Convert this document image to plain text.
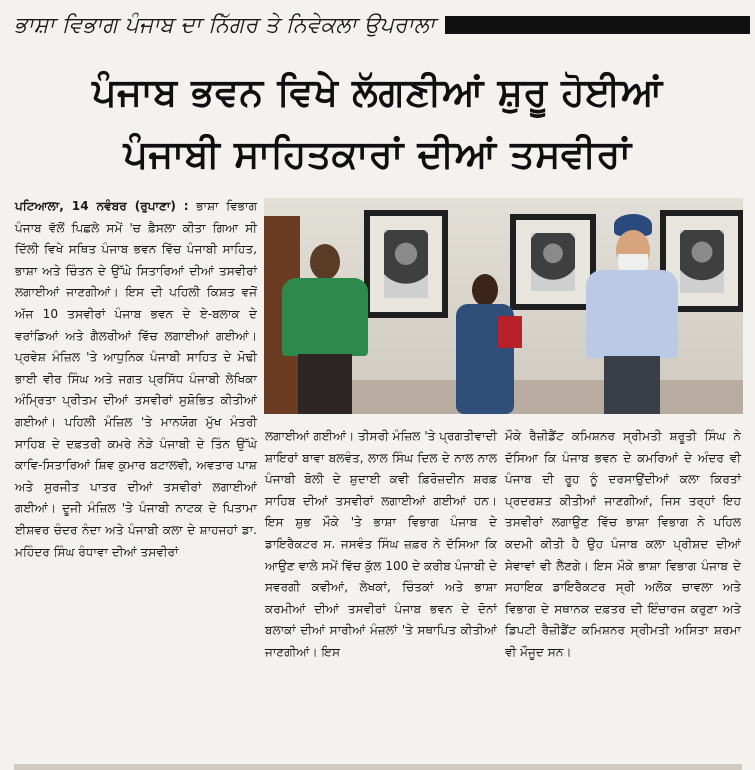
ਭਾਸ਼ਾ ਵਿਭਾਗ ਪੰਜਾਬ ਦਾ ਨਿੱਗਰ ਤੇ ਨਿਵੇਕਲਾ ਉਪਰਾਲਾ
ਪੰਜਾਬ ਭਵਨ ਵਿਖੇ ਲੱਗਣੀਆਂ ਸ਼ੁਰੂ ਹੋਈਆਂ
ਪੰਜਾਬੀ ਸਾਹਿਤਕਾਰਾਂ ਦੀਆਂ ਤਸਵੀਰਾਂ
ਪਟਿਆਲਾ, 14 ਨਵੰਬਰ (ਰੁਪਾਣਾ) : ਭਾਸ਼ਾ ਵਿਭਾਗ ਪੰਜਾਬ ਵੱਲੋਂ ਪਿਛਲੇ ਸਮੇਂ 'ਚ ਫ਼ੈਸਲਾ ਕੀਤਾ ਗਿਆ ਸੀ ਦਿੱਲੀ ਵਿਖੇ ਸਥਿਤ ਪੰਜਾਬ ਭਵਨ ਵਿੱਚ ਪੰਜਾਬੀ ਸਾਹਿਤ, ਭਾਸ਼ਾ ਅਤੇ ਚਿੰਤਨ ਦੇ ਉੱਘੇ ਸਿਤਾਰਿਆਂ ਦੀਆਂ ਤਸਵੀਰਾਂ ਲਗਾਈਆਂ ਜਾਣਗੀਆਂ। ਇਸ ਦੀ ਪਹਿਲੀ ਕਿਸ਼ਤ ਵਜੋਂ ਅੱਜ 10 ਤਸਵੀਰਾਂ ਪੰਜਾਬ ਭਵਨ ਦੇ ਏ-ਬਲਾਕ ਦੇ ਵਰਾਂਡਿਆਂ ਅਤੇ ਗੈਲਰੀਆਂ ਵਿੱਚ ਲਗਾਈਆਂ ਗਈਆਂ। ਪ੍ਰਵੇਸ਼ ਮੰਜ਼ਿਲ 'ਤੇ ਆਧੁਨਿਕ ਪੰਜਾਬੀ ਸਾਹਿਤ ਦੇ ਮੋਢੀ ਭਾਈ ਵੀਰ ਸਿੰਘ ਅਤੇ ਜਗਤ ਪ੍ਰਸਿੱਧ ਪੰਜਾਬੀ ਲੇਖਿਕਾ ਅੰਮ੍ਰਿਤਾ ਪ੍ਰੀਤਮ ਦੀਆਂ ਤਸਵੀਰਾਂ ਸੁਸ਼ੋਭਿਤ ਕੀਤੀਆਂ ਗਈਆਂ। ਪਹਿਲੀ ਮੰਜ਼ਿਲ 'ਤੇ ਮਾਨਯੋਗ ਮੁੱਖ ਮੰਤਰੀ ਸਾਹਿਬ ਦੇ ਦਫ਼ਤਰੀ ਕਮਰੇ ਨੇੜੇ ਪੰਜਾਬੀ ਦੇ ਤਿੰਨ ਉੱਘੇ ਕਾਵਿ-ਸਿਤਾਰਿਆਂ ਸ਼ਿਵ ਕੁਮਾਰ ਬਟਾਲਵੀ, ਅਵਤਾਰ ਪਾਸ਼ ਅਤੇ ਸੁਰਜੀਤ ਪਾਤਰ ਦੀਆਂ ਤਸਵੀਰਾਂ ਲਗਾਈਆਂ ਗਈਆਂ। ਦੂਜੀ ਮੰਜ਼ਿਲ 'ਤੇ ਪੰਜਾਬੀ ਨਾਟਕ ਦੇ ਪਿਤਾਮਾ ਈਸ਼ਵਰ ਚੰਦਰ ਨੰਦਾ ਅਤੇ ਪੰਜਾਬੀ ਕਲਾ ਦੇ ਸ਼ਾਹਜਹਾਂ ਡਾ. ਮਹਿੰਦਰ ਸਿੰਘ ਰੰਧਾਵਾ ਦੀਆਂ ਤਸਵੀਰਾਂ
ਲਗਾਈਆਂ ਗਈਆਂ। ਤੀਸਰੀ ਮੰਜ਼ਿਲ 'ਤੇ ਪ੍ਰਗਤੀਵਾਦੀ ਸ਼ਾਇਰਾਂ ਬਾਵਾ ਬਲਵੰਤ, ਲਾਲ ਸਿੰਘ ਦਿਲ ਦੇ ਨਾਲ ਨਾਲ ਪੰਜਾਬੀ ਬੋਲੀ ਦੇ ਸ਼ੁਦਾਈ ਕਵੀ ਫ਼ਿਰੋਜ਼ਦੀਨ ਸ਼ਰਫ਼ ਸਾਹਿਬ ਦੀਆਂ ਤਸਵੀਰਾਂ ਲਗਾਈਆਂ ਗਈਆਂ ਹਨ। ਇਸ ਸ਼ੁਭ ਮੌਕੇ 'ਤੇ ਭਾਸ਼ਾ ਵਿਭਾਗ ਪੰਜਾਬ ਦੇ ਡਾਇਰੈਕਟਰ ਸ. ਜਸਵੰਤ ਸਿੰਘ ਜ਼ਫ਼ਰ ਨੇ ਦੱਸਿਆ ਕਿ ਆਉਣ ਵਾਲੇ ਸਮੇਂ ਵਿੱਚ ਕੁੱਲ 100 ਦੇ ਕਰੀਬ ਪੰਜਾਬੀ ਦੇ ਸਵਰਗੀ ਕਵੀਆਂ, ਲੇਖਕਾਂ, ਚਿੰਤਕਾਂ ਅਤੇ ਭਾਸ਼ਾ ਕਰਮੀਆਂ ਦੀਆਂ ਤਸਵੀਰਾਂ ਪੰਜਾਬ ਭਵਨ ਦੇ ਦੋਨਾਂ ਬਲਾਕਾਂ ਦੀਆਂ ਸਾਰੀਆਂ ਮੰਜ਼ਲਾਂ 'ਤੇ ਸਥਾਪਿਤ ਕੀਤੀਆਂ ਜਾਣਗੀਆਂ। ਇਸ
ਮੌਕੇ ਰੈਜ਼ੀਡੈਂਟ ਕਮਿਸ਼ਨਰ ਸ੍ਰੀਮਤੀ ਸ਼ਰੂਤੀ ਸਿੰਘ ਨੇ ਦੱਸਿਆ ਕਿ ਪੰਜਾਬ ਭਵਨ ਦੇ ਕਮਰਿਆਂ ਦੇ ਅੰਦਰ ਵੀ ਪੰਜਾਬ ਦੀ ਰੂਹ ਨੂੰ ਦਰਸਾਉਂਦੀਆਂ ਕਲਾ ਕਿਰਤਾਂ ਪ੍ਰਦਰਸ਼ਤ ਕੀਤੀਆਂ ਜਾਣਗੀਆਂ, ਜਿਸ ਤਰ੍ਹਾਂ ਇਹ ਤਸਵੀਰਾਂ ਲਗਾਉਣ ਵਿੱਚ ਭਾਸ਼ਾ ਵਿਭਾਗ ਨੇ ਪਹਿਲ ਕਦਮੀ ਕੀਤੀ ਹੈ ਉਹ ਪੰਜਾਬ ਕਲਾ ਪ੍ਰੀਸ਼ਦ ਦੀਆਂ ਸੇਵਾਵਾਂ ਵੀ ਲੈਣਗੇ। ਇਸ ਮੌਕੇ ਭਾਸ਼ਾ ਵਿਭਾਗ ਪੰਜਾਬ ਦੇ ਸਹਾਇਕ ਡਾਇਰੈਕਟਰ ਸ੍ਰੀ ਅਲੋਕ ਚਾਵਲਾ ਅਤੇ ਵਿਭਾਗ ਦੇ ਸਥਾਨਕ ਦਫ਼ਤਰ ਦੀ ਇੰਚਾਰਜ ਕਰੁਣਾ ਅਤੇ ਡਿਪਟੀ ਰੈਜ਼ੀਡੈਂਟ ਕਮਿਸ਼ਨਰ ਸ੍ਰੀਮਤੀ ਅਸਿਤਾ ਸ਼ਰਮਾ ਵੀ ਮੌਜੂਦ ਸਨ।
